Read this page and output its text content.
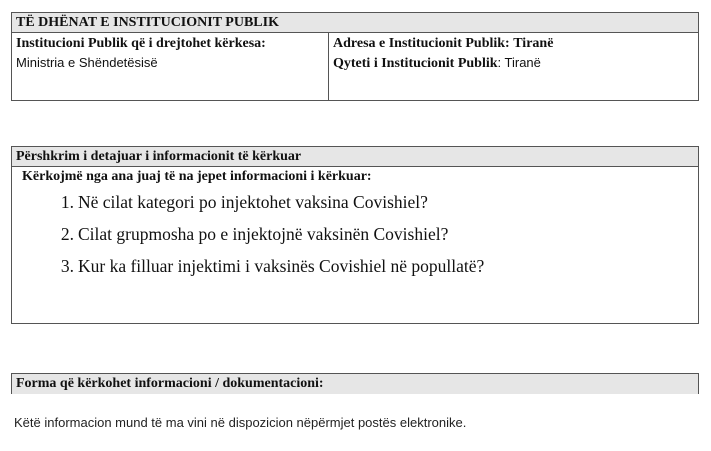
TË DHËNAT E INSTITUCIONIT PUBLIK
Institucioni Publik që i drejtohet kërkesa:
Ministria e Shëndetësisë
Adresa e Institucionit Publik: Tiranë
Qyteti i Institucionit Publik: Tiranë
Përshkrim i detajuar i informacionit të kërkuar
Kërkojmë nga ana juaj të na jepet informacioni i kërkuar:
1. Në cilat kategori po injektohet vaksina Covishiel?
2. Cilat grupmosha po e injektojnë vaksinën Covishiel?
3. Kur ka filluar injektimi i vaksinës Covishiel në popullatë?
Forma që kërkohet informacioni / dokumentacioni:
Këtë informacion mund të ma vini në dispozicion nëpërmjet postës elektronike.
